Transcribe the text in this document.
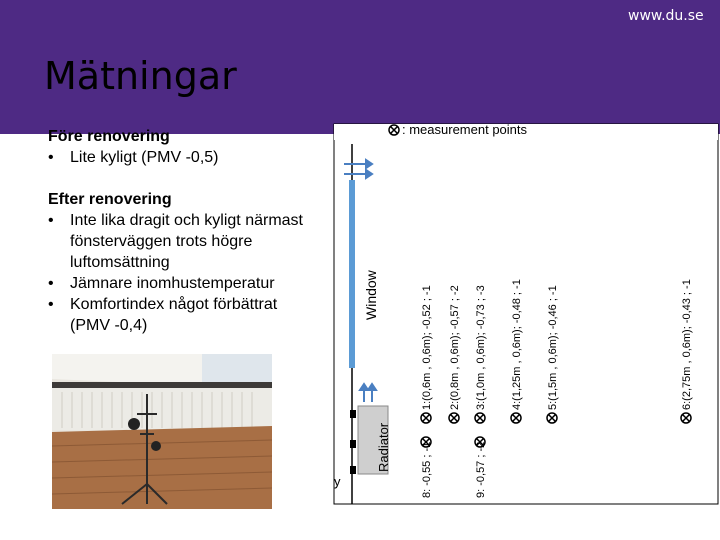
www.du.se
Mätningar
Före renovering
•	Lite kyligt (PMV -0,5)
Efter renovering
•	Inte lika dragit och kyligt närmast
fönsterväggen trots högre
luftomsättning
•	Jämnare inomhustemperatur
•	Komfortindex något förbättrat
(PMV -0,4)
: measurement points
Window
Radiator
y
1:(0,6m , 0,6m); -0,52 ; -1 2:(0,8m , 0,6m); -0,57 ; -2 3:(1,0m , 0,6m); -0,73 ; -3 4:(1,25m , 0,6m); -0,48 ; -1 5:(1,5m , 0,6m); -0,46 ; -1	6:(2,75m , 0,6m); -0,43 ; -1
8: -0,55 ; -1	9: -0,57 ; -2
